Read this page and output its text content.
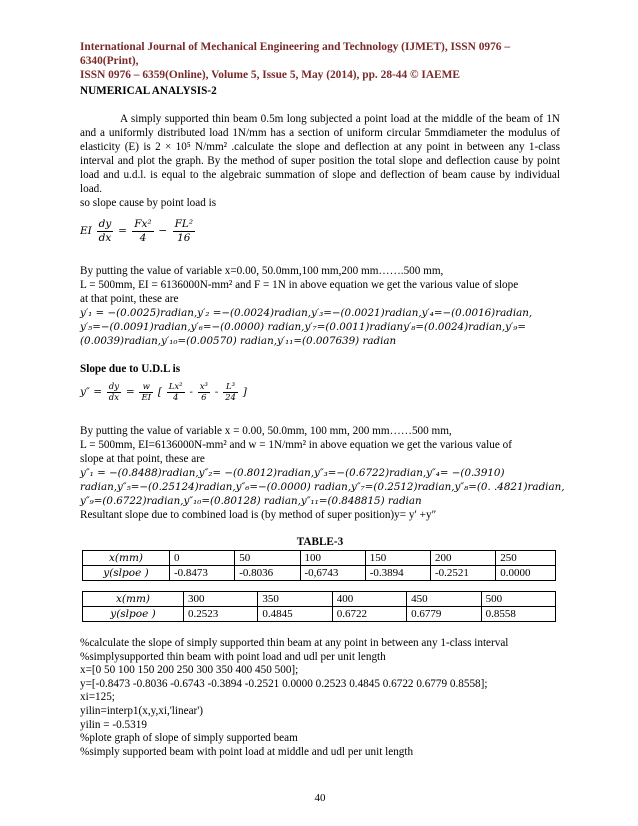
International Journal of Mechanical Engineering and Technology (IJMET), ISSN 0976 – 6340(Print),
ISSN 0976 – 6359(Online), Volume 5, Issue 5, May (2014), pp. 28-44 © IAEME
NUMERICAL ANALYSIS-2
A simply supported thin beam 0.5m long subjected a point load at the middle of the beam of 1N and a uniformly distributed load 1N/mm has a section of uniform circular 5mmdiameter the modulus of elasticity (E) is 2 × 10⁵ N/mm² .calculate the slope and deflection at any point in between any 1-class interval and plot the graph. By the method of super position the total slope and deflection cause by point load and u.d.l. is equal to the algebraic summation of slope and deflection of beam cause by individual load.
so slope cause by point load is
EI $\frac{dy}{dx} = \frac{\text{Fx²}}{4} - \frac{\text{FL²}}{16}$
By putting the value of variable x=0.00, 50.0mm,100 mm,200 mm…….500 mm,
L = 500mm, EI = 6136000N-mm² and F = 1N in above equation we get the various value of slope
at that point, these are
y′₁ = −(0.0025)radian,y′₂ =−(0.0024)radian,y′₃=−(0.0021)radian,y′₄=−(0.0016)radian,
y′₅=−(0.0091)radian,y′₆=−(0.0000) radian,y′₇=(0.0011)radiany′₈=(0.0024)radian,y′₉=
(0.0039)radian,y′₁₀=(0.00570) radian,y′₁₁=(0.007639) radian
Slope due to U.D.L is
$y'' = \frac{dy}{dx} = \frac{w}{EI}$ [ $\frac{\text{Lx²}}{4} - \frac{\text{x³}}{6} - \frac{\text{L³}}{24}$ ]
By putting the value of variable x = 0.00, 50.0mm, 100 mm, 200 mm……500 mm,
L = 500mm, EI=6136000N-mm² and w = 1N/mm² in above equation we get the various value of
slope at that point, these are
y″₁ = −(0.8488)radian,y″₂= −(0.8012)radian,y″₃=−(0.6722)radian,y″₄= −(0.3910)
radian,y″₅=−(0.25124)radian,y″₆=−(0.0000) radian,y″₇=(0.2512)radian,y″₈=(0. .4821)radian,
y″₉=(0.6722)radian,y″₁₀=(0.80128) radian,y″₁₁=(0.848815) radian
Resultant slope due to combined load is (by method of super position)y= y′ +y″
TABLE-3
x(mm)	0	50	100	150	200	250
y(slpoe )	-0.8473	-0.8036	-0,6743	-0.3894	-0.2521	0.0000
x(mm)	300	350	400	450	500
y(slpoe )	0.2523	0.4845	0.6722	0.6779	0.8558
%calculate the slope of simply supported thin beam at any point in between any 1-class interval
%simplysupported thin beam with point load and udl per unit length
x=[0 50 100 150 200 250 300 350 400 450 500];
y=[-0.8473 -0.8036 -0.6743 -0.3894 -0.2521 0.0000 0.2523 0.4845 0.6722 0.6779 0.8558];
xi=125;
yilin=interp1(x,y,xi,'linear')
yilin = -0.5319
%plote graph of slope of simply supported beam
%simply supported beam with point load at middle and udl per unit length
40
